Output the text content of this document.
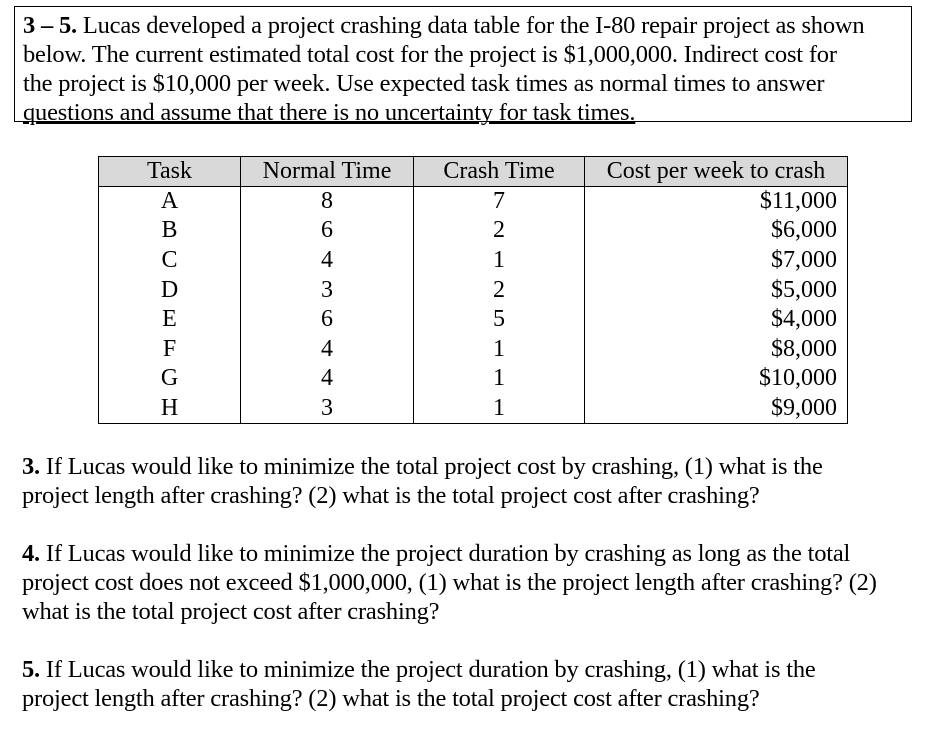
3 – 5. Lucas developed a project crashing data table for the I-80 repair project as shown
below. The current estimated total cost for the project is $1,000,000. Indirect cost for
the project is $10,000 per week. Use expected task times as normal times to answer
questions and assume that there is no uncertainty for task times.
Task	Normal Time	Crash Time	Cost per week to crash
A	8	7	$11,000
B	6	2	$6,000
C	4	1	$7,000
D	3	2	$5,000
E	6	5	$4,000
F	4	1	$8,000
G	4	1	$10,000
H	3	1	$9,000
3. If Lucas would like to minimize the total project cost by crashing, (1) what is the
project length after crashing? (2) what is the total project cost after crashing?
4. If Lucas would like to minimize the project duration by crashing as long as the total
project cost does not exceed $1,000,000, (1) what is the project length after crashing? (2)
what is the total project cost after crashing?
5. If Lucas would like to minimize the project duration by crashing, (1) what is the
project length after crashing? (2) what is the total project cost after crashing?
